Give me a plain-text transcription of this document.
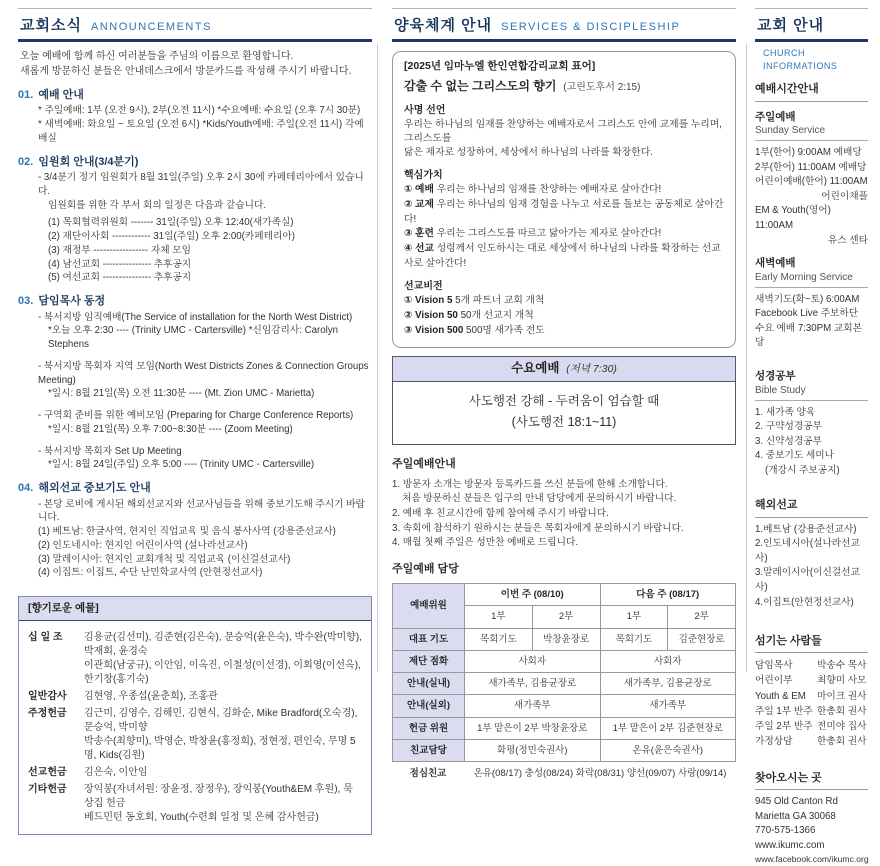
교회소식 ANNOUNCEMENTS
오늘 예배에 함께 하신 여러분들을 주님의 이름으로 환영합니다.
새롭게 방문하신 분들은 안내데스크에서 방문카드를 작성해 주시기 바랍니다.
01. 예배 안내
* 주일예배: 1부 (오전 9시), 2부(오전 11시) *수요예배: 수요일 (오후 7시 30분)
* 새벽예배: 화요일 ~ 토요일 (오전 6시) *Kids/Youth예배: 주일(오전 11시) 각예배실
02. 임원회 안내(3/4분기)
- 3/4분기 정기 임원회가 8월 31일(주일) 오후 2시 30에 카페테리아에서 있습니다.
임원회를 위한 각 부서 회의 일정은 다음과 같습니다.
(1) 목회협력위원회 ------- 31일(주일) 오후 12:40(새가족실)
(2) 재단이사회 ------------ 31일(주일) 오후 2:00(카페테리아)
(3) 재정부 ----------------- 자체 모임
(4) 남선교회 --------------- 추후공지
(5) 여선교회 --------------- 추후공지
03. 담임목사 동정
- 북서지방 임직예배(The Service of installation for the North West District)
*오늘 오후 2:30 ---- (Trinity UMC - Cartersville) *신임감리사: Carolyn Stephens
- 북서지방 목회자 지역 모임(North West Districts Zones & Connection Groups Meeting)
*일시: 8월 21일(목) 오전 11:30분 ---- (Mt. Zion UMC - Marietta)
- 구역회 준비를 위한 예비모임 (Preparing for Charge Conference Reports)
*일시: 8월 21일(목) 오후 7:00~8:30분 ---- (Zoom Meeting)
- 북서지방 목회자 Set Up Meeting
*일시: 8월 24일(주일) 오후 5:00 ---- (Trinity UMC - Cartersville)
04. 해외선교 중보기도 안내
- 본당 로비에 게시된 해외선교지와 선교사님들을 위해 중보기도해 주시기 바랍니다.
(1) 베트남: 한글사역, 현지인 직업교육 및 음식 봉사사역 (강용준선교사)
(2) 인도네시아: 현지인 어린이사역 (설나라선교사)
(3) 말레이시아: 현지인 교회개척 및 직업교육 (이신걸선교사)
(4) 이집트: 이집트, 수단 난민학교사역 (안현정선교사)
[향기로운 예물]
십 일 조	김용균(김선미), 김준현(김은숙), 문승억(윤은숙), 박수완(박미향), 박재회, 윤경숙
이관희(남궁규), 이안임, 이옥진, 이철성(이선경), 이회영(이선옥), 한기창(홍기숙)
일반감사	김현영, 우종섭(윤춘희), 조홍관
주정헌금	김근미, 김영수, 김해민, 김현식, 김화순, Mike Bradford(오숙경), 문승억, 박미향
박송수(최향미), 박영순, 박창윤(홍정희), 정현정, 편인숙, 무명 5명, Kids(김원)
선교헌금	김은숙, 이안임
기타헌금	장익봉(자녀서원: 장윤정, 장정우), 장익봉(Youth&EM 후원), 묵상집 헌금
베드민턴 동호회, Youth(수련회 일정 및 은혜 감사헌금)
양육체계 안내 SERVICES & DISCIPLESHIP
[2025년 임마누엘 한인연합감리교회 표어]
감출 수 없는 그리스도의 향기 (고린도후서 2:15)
사명 선언
우리는 하나님의 임재를 찬양하는 예배자로서 그리스도 안에 교제를 누리며, 그리스도를
닮은 제자로 성장하여, 세상에서 하나님의 나라를 확장한다.
핵심가치
① 예배 우리는 하나님의 임재를 찬양하는 예배자로 살아간다!
② 교제 우리는 하나님의 임재 경험을 나누고 서로를 돌보는 공동체로 살아간다!
③ 훈련 우리는 그리스도를 따르고 닮아가는 제자로 살아간다!
④ 선교 성령께서 인도하시는 대로 세상에서 하나님의 나라를 확장하는 선교사로 살아간다!
선교비전
① Vision 5 5개 파트너 교회 개척
② Vision 50 50개 선교지 개척
③ Vision 500 500명 새가족 전도
수요예배 (저녁 7:30)
사도행전 강해 - 두려움이 엄습할 때
(사도행전 18:1~11)
주일예배안내
1. 방문자 소개는 방문자 등록카드를 쓰신 분들에 한해 소개합니다.
처음 방문하신 분들은 입구의 안내 담당에게 문의하시기 바랍니다.
2. 예배 후 친교시간에 함께 참여해 주시기 바랍니다.
3. 속회에 참석하기 원하시는 분들은 목회자에게 문의하시기 바랍니다.
4. 매월 첫째 주일은 성만찬 예배로 드립니다.
주일예배 담당
예배위원	이번 주 (08/10)		다음 주 (08/17)	
	1부	2부	1부	2부
대표 기도	목회기도	박창윤장로	목회기도	김준현장로
제단 점화	사회자		사회자	
안내(실내)	새가족부, 김용균장로		새가족부, 김용균장로	
안내(실외)	새가족부		새가족부	
헌금 위원	1부 맡은이 2부 박창윤장로		1부 맡은이 2부 김준현장로	
친교담당	화평(정민숙권사)		온유(윤은숙권사)	
점심친교	온유(08/17) 충성(08/24) 화락(08/31) 양선(09/07) 사랑(09/14)
교회 안내
CHURCH INFORMATIONS
예배시간안내
주일예배
Sunday Service
1부(한어) 9:00AM 예배당
2부(한어) 11:00AM 예배당
어린이예배(한어) 11:00AM
어린이채플
EM & Youth(영어) 11:00AM
유스 센타
새벽예배
Early Morning Service
새벽기도(화~토) 6:00AM
Facebook Live 주보하단
수요 예배 7:30PM 교회본당
성경공부
Bible Study
1. 새가족 양육
2. 구약성경공부
3. 신약성경공부
4. 중보기도 세미나
(개강시 주보공지)
해외선교
1.베트남 (강용준선교사)
2.인도네시아(설나라선교사)
3.말레이시아(이신걸선교사)
4.이집트(안현정선교사)
섬기는 사람들
담임목사	박송수 목사
어린이부	최향미 사모
Youth & EM	마이크 권사
주일 1부 반주 한총회 권사
주일 2부 반주 전미야 집사
가정상담	한총회 권사
찾아오시는 곳
945 Old Canton Rd
Marietta GA 30068
770-575-1366
www.ikumc.com
www.facebook.com/ikumc.org
